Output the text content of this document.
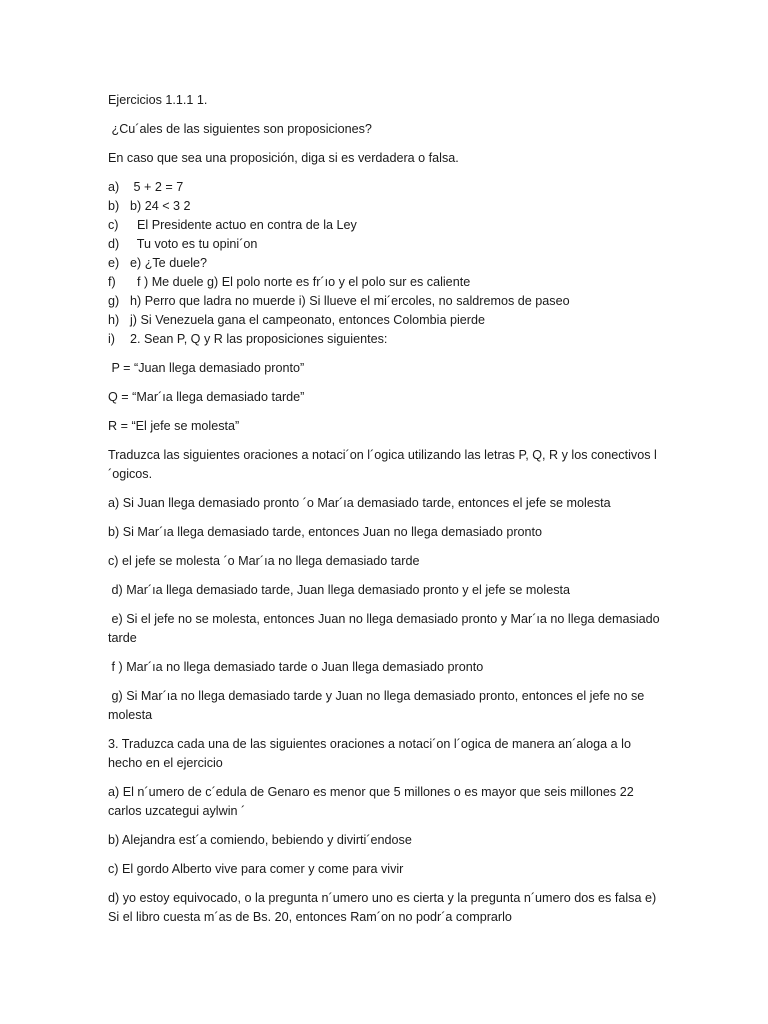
Ejercicios 1.1.1 1.
¿Cu´ales de las siguientes son proposiciones?
En caso que sea una proposición, diga si es verdadera o falsa.
a) 5 + 2 = 7
b) b) 24 < 3 2
c) El Presidente actuo en contra de la Ley
d) Tu voto es tu opini´on
e) e) ¿Te duele?
f)	f ) Me duele g) El polo norte es fr´ıo y el polo sur es caliente
g) h) Perro que ladra no muerde i) Si llueve el mi´ercoles, no saldremos de paseo
h) j) Si Venezuela gana el campeonato, entonces Colombia pierde
i)	2. Sean P, Q y R las proposiciones siguientes:
P = “Juan llega demasiado pronto”
Q = “Mar´ıa llega demasiado tarde”
R = “El jefe se molesta”
Traduzca las siguientes oraciones a notaci´on l´ogica utilizando las letras P, Q, R y los conectivos l ´ogicos.
a) Si Juan llega demasiado pronto ´o Mar´ıa demasiado tarde, entonces el jefe se molesta
b) Si Mar´ıa llega demasiado tarde, entonces Juan no llega demasiado pronto
c) el jefe se molesta ´o Mar´ıa no llega demasiado tarde
d) Mar´ıa llega demasiado tarde, Juan llega demasiado pronto y el jefe se molesta
e) Si el jefe no se molesta, entonces Juan no llega demasiado pronto y Mar´ıa no llega demasiado tarde
f ) Mar´ıa no llega demasiado tarde o Juan llega demasiado pronto
g) Si Mar´ıa no llega demasiado tarde y Juan no llega demasiado pronto, entonces el jefe no se molesta
3. Traduzca cada una de las siguientes oraciones a notaci´on l´ogica de manera an´aloga a lo hecho en el ejercicio
a) El n´umero de c´edula de Genaro es menor que 5 millones o es mayor que seis millones 22 carlos uzcategui aylwin ´
b) Alejandra est´a comiendo, bebiendo y divirti´endose
c) El gordo Alberto vive para comer y come para vivir
d) yo estoy equivocado, o la pregunta n´umero uno es cierta y la pregunta n´umero dos es falsa e) Si el libro cuesta m´as de Bs. 20, entonces Ram´on no podr´a comprarlo
